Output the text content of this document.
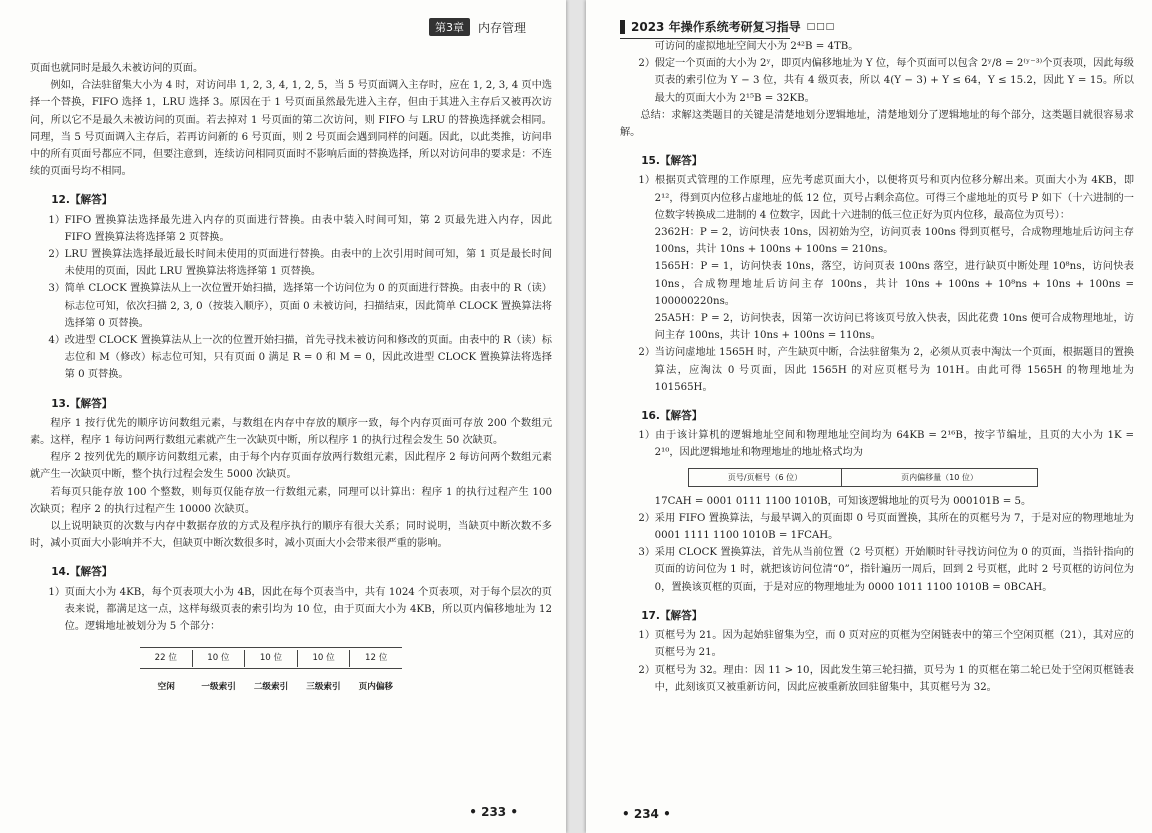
第3章	内存管理

页面也就同时是最久未被访问的页面。

例如，合法驻留集大小为 4 时，对访问串 1, 2, 3, 4, 1, 2, 5，当 5 号页面调入主存时，应在 1, 2, 3, 4 页中选择一个替换，FIFO 选择 1，LRU 选择 3。原因在于 1 号页面虽然最先进入主存，但由于其进入主存后又被再次访问，所以它不是最久未被访问的页面。若去掉对 1 号页面的第二次访问，则 FIFO 与 LRU 的替换选择就会相同。同理，当 5 号页面调入主存后，若再访问新的 6 号页面，则 2 号页面会遇到同样的问题。因此，以此类推，访问串中的所有页面号都应不同，但要注意到，连续访问相同页面时不影响后面的替换选择，所以对访问串的要求是：不连续的页面号均不相同。

12.【解答】
1）FIFO 置换算法选择最先进入内存的页面进行替换。由表中装入时间可知，第 2 页最先进入内存，因此 FIFO 置换算法将选择第 2 页替换。
2）LRU 置换算法选择最近最长时间未使用的页面进行替换。由表中的上次引用时间可知，第 1 页是最长时间未使用的页面，因此 LRU 置换算法将选择第 1 页替换。
3）简单 CLOCK 置换算法从上一次位置开始扫描，选择第一个访问位为 0 的页面进行替换。由表中的 R（读）标志位可知，依次扫描 2, 3, 0（按装入顺序），页面 0 未被访问，扫描结束，因此简单 CLOCK 置换算法将选择第 0 页替换。
4）改进型 CLOCK 置换算法从上一次的位置开始扫描，首先寻找未被访问和修改的页面。由表中的 R（读）标志位和 M（修改）标志位可知，只有页面 0 满足 R = 0 和 M = 0，因此改进型 CLOCK 置换算法将选择第 0 页替换。
13.【解答】

程序 1 按行优先的顺序访问数组元素，与数组在内存中存放的顺序一致，每个内存页面可存放 200 个数组元素。这样，程序 1 每访问两行数组元素就产生一次缺页中断，所以程序 1 的执行过程会发生 50 次缺页。

程序 2 按列优先的顺序访问数组元素，由于每个内存页面存放两行数组元素，因此程序 2 每访问两个数组元素就产生一次缺页中断，整个执行过程会发生 5000 次缺页。

若每页只能存放 100 个整数，则每页仅能存放一行数组元素，同理可以计算出：程序 1 的执行过程产生 100 次缺页；程序 2 的执行过程产生 10000 次缺页。

以上说明缺页的次数与内存中数据存放的方式及程序执行的顺序有很大关系；同时说明，当缺页中断次数不多时，减小页面大小影响并不大，但缺页中断次数很多时，减小页面大小会带来很严重的影响。

14.【解答】
1）页面大小为 4KB，每个页表项大小为 4B，因此在每个页表当中，共有 1024 个页表项，对于每个层次的页表来说，都满足这一点，这样每级页表的索引均为 10 位，由于页面大小为 4KB，所以页内偏移地址为 12 位。逻辑地址被划分为 5 个部分：
22 位	10 位	10 位	10 位	12 位
空闲	一级索引	二级索引	三级索引	页内偏移
• 233 •
2023 年操作系统考研复习指导 □□□
可访问的虚拟地址空间大小为 2⁴²B = 4TB。
2）假定一个页面的大小为 2ʸ，即页内偏移地址为 Y 位，每个页面可以包含 2ʸ/8 = 2⁽ʸ⁻³⁾个页表项，因此每级页表的索引位为 Y − 3 位，共有 4 级页表，所以 4(Y − 3) + Y ≤ 64，Y ≤ 15.2，因此 Y = 15。所以最大的页面大小为 2¹⁵B = 32KB。

总结：求解这类题目的关键是清楚地划分逻辑地址，清楚地划分了逻辑地址的每个部分，这类题目就很容易求解。

15.【解答】
1）根据页式管理的工作原理，应先考虑页面大小，以便将页号和页内位移分解出来。页面大小为 4KB，即 2¹²，得到页内位移占虚地址的低 12 位，页号占剩余高位。可得三个虚地址的页号 P 如下（十六进制的一位数字转换成二进制的 4 位数字，因此十六进制的低三位正好为页内位移，最高位为页号）：
2362H：P = 2，访问快表 10ns，因初始为空，访问页表 100ns 得到页框号，合成物理地址后访问主存 100ns，共计 10ns + 100ns + 100ns = 210ns。
1565H：P = 1，访问快表 10ns，落空，访问页表 100ns 落空，进行缺页中断处理 10⁸ns，访问快表 10ns，合成物理地址后访问主存 100ns，共计 10ns + 100ns + 10⁸ns + 10ns + 100ns = 100000220ns。
25A5H：P = 2，访问快表，因第一次访问已将该页号放入快表，因此花费 10ns 便可合成物理地址，访问主存 100ns，共计 10ns + 100ns = 110ns。
2）当访问虚地址 1565H 时，产生缺页中断，合法驻留集为 2，必须从页表中淘汰一个页面，根据题目的置换算法，应淘汰 0 号页面，因此 1565H 的对应页框号为 101H。由此可得 1565H 的物理地址为 101565H。
16.【解答】
1）由于该计算机的逻辑地址空间和物理地址空间均为 64KB = 2¹⁶B，按字节编址，且页的大小为 1K = 2¹⁰，因此逻辑地址和物理地址的地址格式均为
页号/页框号（6 位）	页内偏移量（10 位）
17CAH = 0001 0111 1100 1010B，可知该逻辑地址的页号为 000101B = 5。
2）采用 FIFO 置换算法，与最早调入的页面即 0 号页面置换，其所在的页框号为 7，于是对应的物理地址为 0001 1111 1100 1010B = 1FCAH。
3）采用 CLOCK 置换算法，首先从当前位置（2 号页框）开始顺时针寻找访问位为 0 的页面，当指针指向的页面的访问位为 1 时，就把该访问位清“0”，指针遍历一周后，回到 2 号页框，此时 2 号页框的访问位为 0，置换该页框的页面，于是对应的物理地址为 0000 1011 1100 1010B = 0BCAH。
17.【解答】
1）页框号为 21。因为起始驻留集为空，而 0 页对应的页框为空闲链表中的第三个空闲页框（21），其对应的页框号为 21。
2）页框号为 32。理由：因 11 > 10，因此发生第三轮扫描，页号为 1 的页框在第二轮已处于空闲页框链表中，此刻该页又被重新访问，因此应被重新放回驻留集中，其页框号为 32。
• 234 •
